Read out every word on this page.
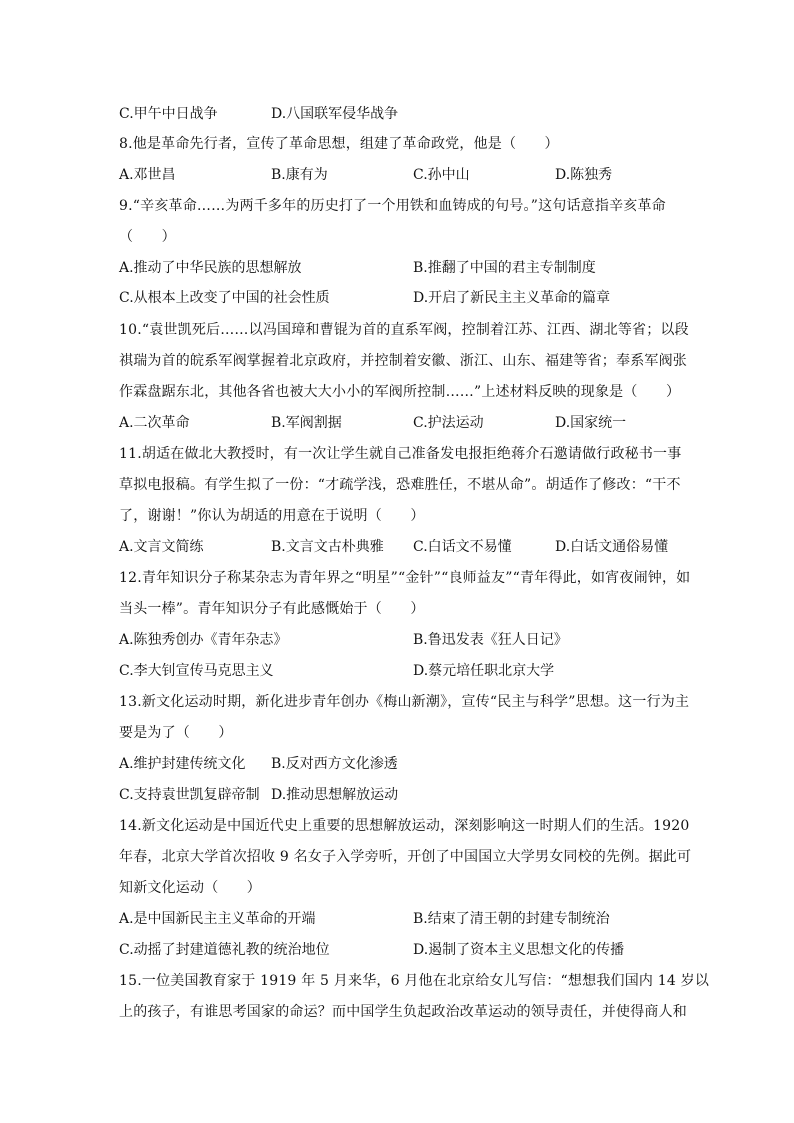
C.甲午中日战争	D.八国联军侵华战争
8.他是革命先行者，宣传了革命思想，组建了革命政党，他是（　　）
A.邓世昌	B.康有为	C.孙中山	D.陈独秀
9.“辛亥革命……为两千多年的历史打了一个用铁和血铸成的句号。”这句话意指辛亥革命
（　　）
A.推动了中华民族的思想解放	B.推翻了中国的君主专制制度
C.从根本上改变了中国的社会性质	D.开启了新民主主义革命的篇章
10.“袁世凯死后……以冯国璋和曹锟为首的直系军阀，控制着江苏、江西、湖北等省；以段
祺瑞为首的皖系军阀掌握着北京政府，并控制着安徽、浙江、山东、福建等省；奉系军阀张
作霖盘踞东北，其他各省也被大大小小的军阀所控制……”上述材料反映的现象是（　　）
A.二次革命	B.军阀割据	C.护法运动	D.国家统一
11.胡适在做北大教授时，有一次让学生就自己准备发电报拒绝蒋介石邀请做行政秘书一事
草拟电报稿。有学生拟了一份：“才疏学浅，恐难胜任，不堪从命”。胡适作了修改：“干不
了，谢谢！”你认为胡适的用意在于说明（　　）
A.文言文简练	B.文言文古朴典雅 C.白话文不易懂	D.白话文通俗易懂
12.青年知识分子称某杂志为青年界之“明星”“金针”“良师益友”“青年得此，如宵夜闹钟，如
当头一棒”。青年知识分子有此感慨始于（　　）
A.陈独秀创办《青年杂志》	B.鲁迅发表《狂人日记》
C.李大钊宣传马克思主义	D.蔡元培任职北京大学
13.新文化运动时期，新化进步青年创办《梅山新潮》，宣传“民主与科学”思想。这一行为主
要是为了（　　）
A.维护封建传统文化 B.反对西方文化渗透
C.支持袁世凯复辟帝制 D.推动思想解放运动
14.新文化运动是中国近代史上重要的思想解放运动，深刻影响这一时期人们的生活。1920
年春，北京大学首次招收 9 名女子入学旁听，开创了中国国立大学男女同校的先例。据此可
知新文化运动（　　）
A.是中国新民主主义革命的开端	B.结束了清王朝的封建专制统治
C.动摇了封建道德礼教的统治地位	D.遏制了资本主义思想文化的传播
15.一位美国教育家于 1919 年 5 月来华，6 月他在北京给女儿写信：“想想我们国内 14 岁以
上的孩子，有谁思考国家的命运？而中国学生负起政治改革运动的领导责任，并使得商人和
